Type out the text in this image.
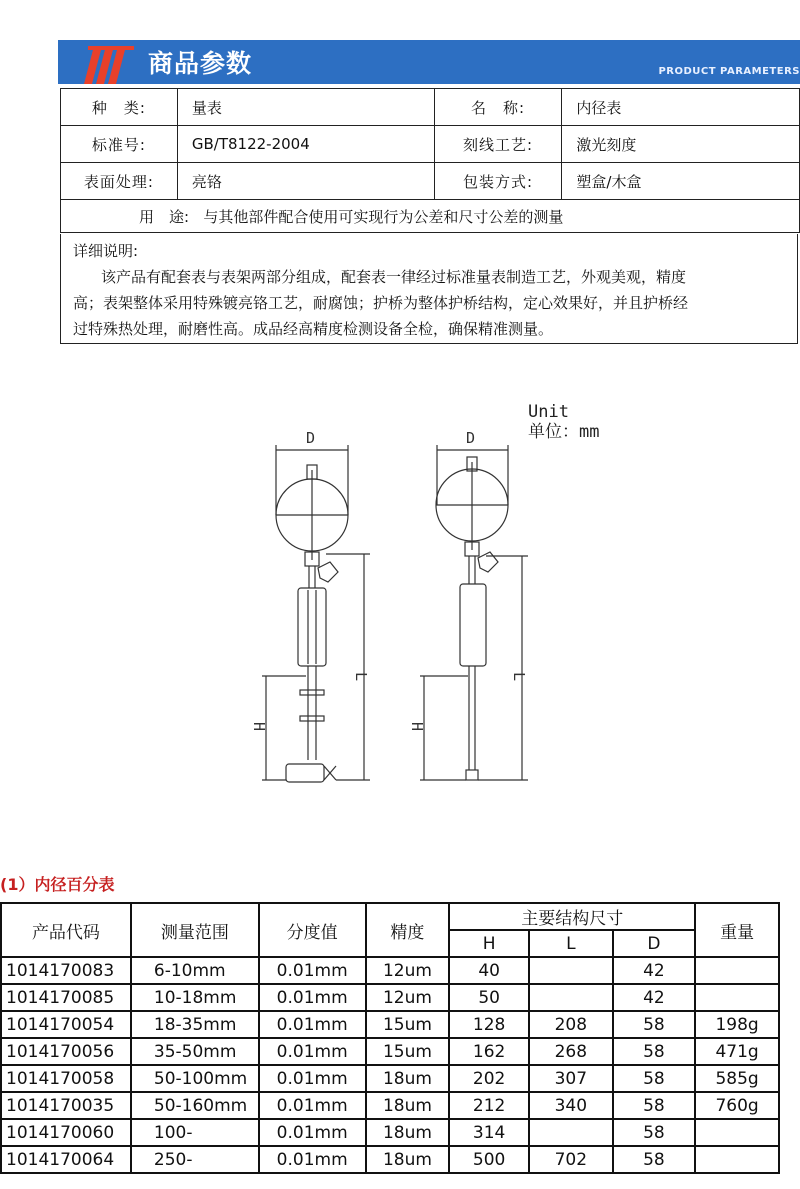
商品参数	PRODUCT PARAMETERS
种　类:	量表	名　称:	内径表
标准号:	GB/T8122-2004	刻线工艺:	激光刻度
表面处理:	亮铬	包装方式:	塑盒/木盒
用　途: 与其他部件配合使用可实现行为公差和尺寸公差的测量			

详细说明:

该产品有配套表与表架两部分组成，配套表一律经过标准量表制造工艺，外观美观，精度

高；表架整体采用特殊镀亮铬工艺，耐腐蚀；护桥为整体护桥结构，定心效果好，并且护桥经

过特殊热处理，耐磨性高。成品经高精度检测设备全检，确保精准测量。

D	D
L	L
H	H
Unit
单位：mm
(1）内径百分表
产品代码	测量范围	分度值	精度	主要结构尺寸			重量
				H	L	D	
1014170083	6-10mm	0.01mm	12um	40		42	
1014170085	10-18mm	0.01mm	12um	50		42	
1014170054	18-35mm	0.01mm	15um	128	208	58	198g
1014170056	35-50mm	0.01mm	15um	162	268	58	471g
1014170058	50-100mm	0.01mm	18um	202	307	58	585g
1014170035	50-160mm	0.01mm	18um	212	340	58	760g
1014170060	100-	0.01mm	18um	314		58	
1014170064	250-	0.01mm	18um	500	702	58	
